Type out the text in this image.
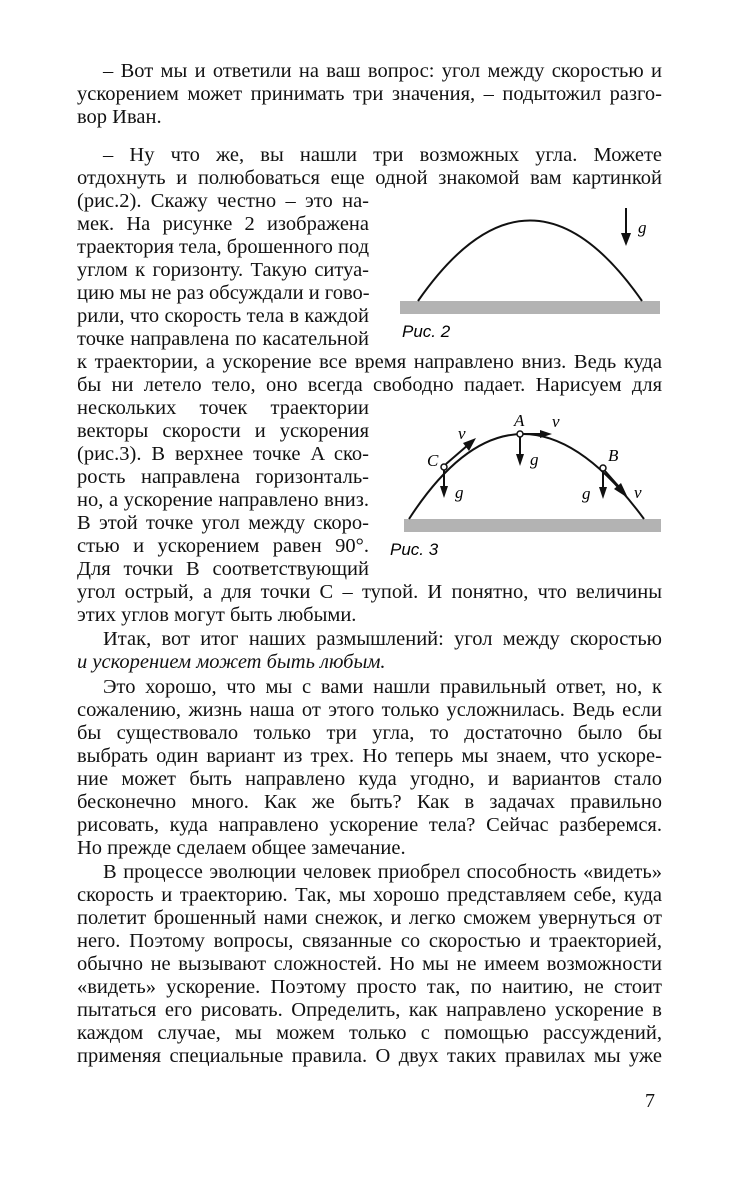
– Вот мы и ответили на ваш вопрос: угол между скоростью и
ускорением может принимать три значения, – подытожил разго-
вор Иван.
– Ну что же, вы нашли три возможных угла. Можете
отдохнуть и полюбоваться еще одной знакомой вам картинкой
(рис.2). Скажу честно – это на-
мек. На рисунке 2 изображена
траектория тела, брошенного под
углом к горизонту. Такую ситуа-
цию мы не раз обсуждали и гово-
рили, что скорость тела в каждой
точке направлена по касательной
к траектории, а ускорение все время направлено вниз. Ведь куда
бы ни летело тело, оно всегда свободно падает. Нарисуем для
нескольких точек траектории
векторы скорости и ускорения
(рис.3). В верхнее точке A ско-
рость направлена горизонталь-
но, а ускорение направлено вниз.
В этой точке угол между скоро-
стью и ускорением равен 90°.
Для точки B соответствующий
угол острый, а для точки C – тупой. И понятно, что величины
этих углов могут быть любыми.
Итак, вот итог наших размышлений: угол между скоростью
и ускорением может быть любым.
Это хорошо, что мы с вами нашли правильный ответ, но, к
сожалению, жизнь наша от этого только усложнилась. Ведь если
бы существовало только три угла, то достаточно было бы
выбрать один вариант из трех. Но теперь мы знаем, что ускоре-
ние может быть направлено куда угодно, и вариантов стало
бесконечно много. Как же быть? Как в задачах правильно
рисовать, куда направлено ускорение тела? Сейчас разберемся.
Но прежде сделаем общее замечание.
В процессе эволюции человек приобрел способность «видеть»
скорость и траекторию. Так, мы хорошо представляем себе, куда
полетит брошенный нами снежок, и легко сможем увернуться от
него. Поэтому вопросы, связанные со скоростью и траекторией,
обычно не вызывают сложностей. Но мы не имеем возможности
«видеть» ускорение. Поэтому просто так, по наитию, не стоит
пытаться его рисовать. Определить, как направлено ускорение в
каждом случае, мы можем только с помощью рассуждений,
применяя специальные правила. О двух таких правилах мы уже
g
Рис. 2
A v
g
C
v
g
B
v
g
Рис. 3
7
